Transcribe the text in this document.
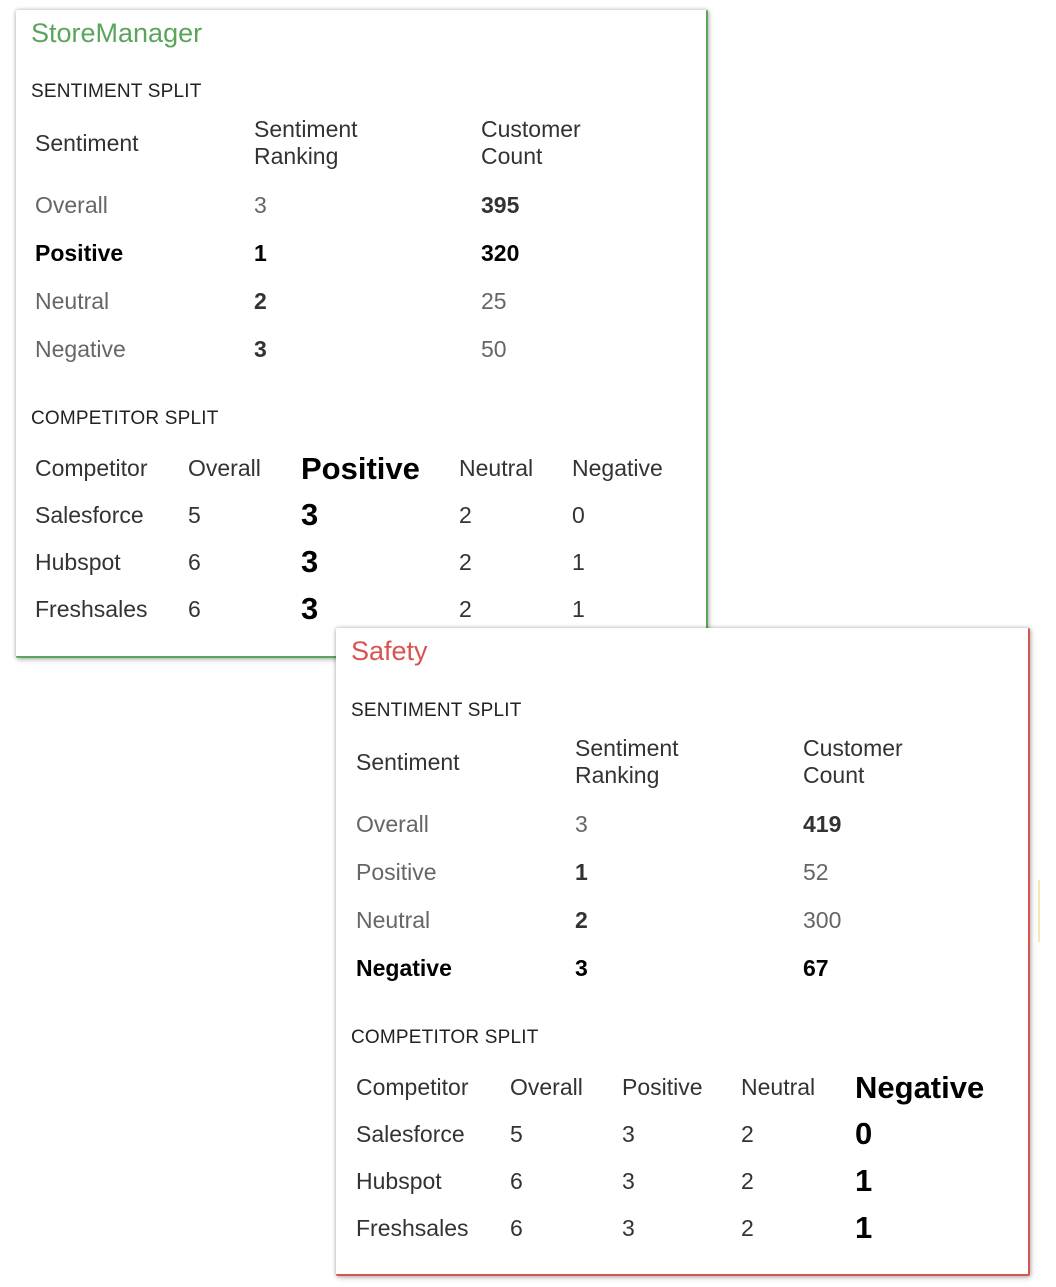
StoreManager
SENTIMENT SPLIT
Sentiment
Sentiment
Ranking
Customer
Count
Overall	3	395
Positive	1	320
Neutral	2	25
Negative	3	50
COMPETITOR SPLIT
Competitor Overall Positive Neutral Negative
Salesforce 5	3	2	0
Hubspot	6	3	2	1
Freshsales 6	3	2	1
Safety
SENTIMENT SPLIT
Sentiment
Sentiment
Ranking
Customer
Count
Overall	3	419
Positive	1	52
Neutral	2	300
Negative	3	67
COMPETITOR SPLIT
Competitor Overall Positive Neutral Negative
Salesforce 5	3	2	0
Hubspot	6	3	2	1
Freshsales 6	3	2	1
